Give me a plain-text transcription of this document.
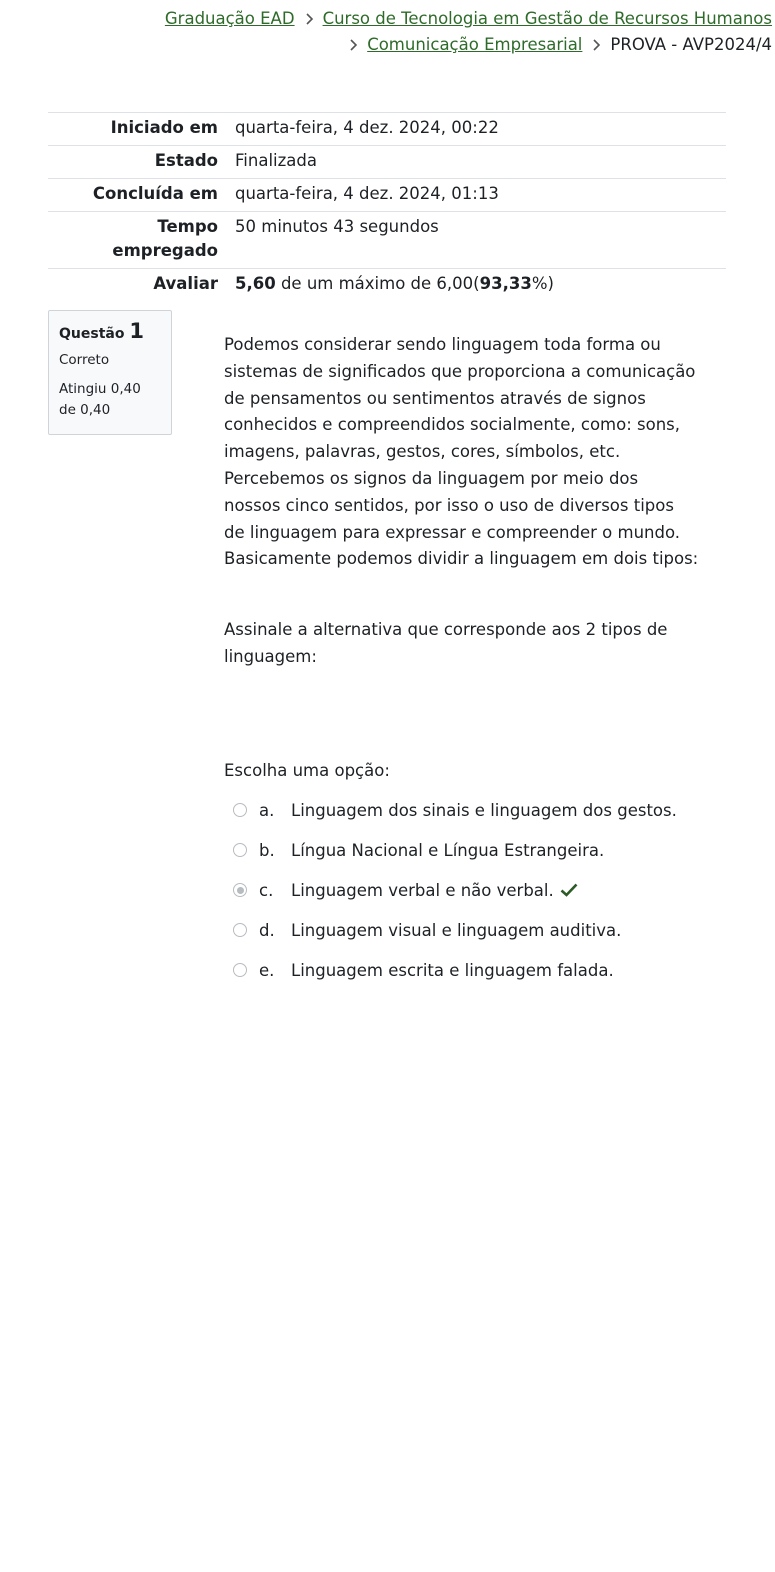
Graduação EAD Curso de Tecnologia em Gestão de Recursos Humanos

Comunicação Empresarial PROVA - AVP2024/4
Iniciado em	quarta-feira, 4 dez. 2024, 00:22
Estado	Finalizada
Concluída em	quarta-feira, 4 dez. 2024, 01:13
Tempo
empregado	50 minutos 43 segundos
Avaliar	5,60 de um máximo de 6,00(93,33%)
Questão 1
Correto
Atingiu 0,40 de 0,40

Podemos considerar sendo linguagem toda forma ou sistemas de significados que proporciona a comunicação de pensamentos ou sentimentos através de signos conhecidos e compreendidos socialmente, como: sons, imagens, palavras, gestos, cores, símbolos, etc. Percebemos os signos da linguagem por meio dos nossos cinco sentidos, por isso o uso de diversos tipos de linguagem para expressar e compreender o mundo. Basicamente podemos dividir a linguagem em dois tipos:

Assinale a alternativa que corresponde aos 2 tipos de linguagem:

Escolha uma opção:
a. Linguagem dos sinais e linguagem dos gestos.
b. Língua Nacional e Língua Estrangeira.
c. Linguagem verbal e não verbal.
d. Linguagem visual e linguagem auditiva.
e. Linguagem escrita e linguagem falada.
